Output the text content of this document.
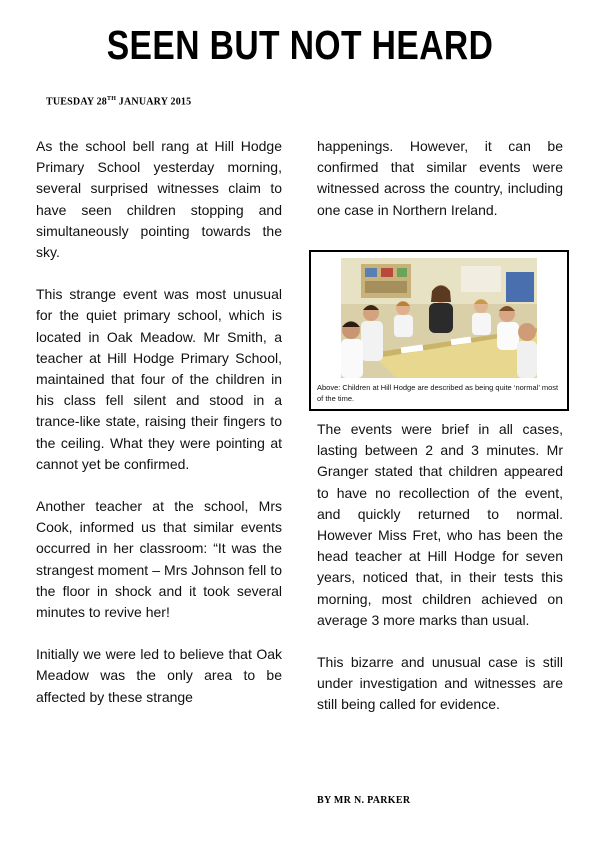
SEEN BUT NOT HEARD
TUESDAY 28TH JANUARY 2015

As the school bell rang at Hill Hodge Primary School yesterday morning, several surprised witnesses claim to have seen children stopping and simultaneously pointing towards the sky.

This strange event was most unusual for the quiet primary school, which is located in Oak Meadow. Mr Smith, a teacher at Hill Hodge Primary School, maintained that four of the children in his class fell silent and stood in a trance-like state, raising their fingers to the ceiling. What they were pointing at cannot yet be confirmed.

Another teacher at the school, Mrs Cook, informed us that similar events occurred in her classroom: “It was the strangest moment – Mrs Johnson fell to the floor in shock and it took several minutes to revive her!

Initially we were led to believe that Oak Meadow was the only area to be affected by these strange

happenings. However, it can be confirmed that similar events were witnessed across the country, including one case in Northern Ireland.

Above: Children at Hill Hodge are described as being quite ‘normal’ most of the time.

The events were brief in all cases, lasting between 2 and 3 minutes. Mr Granger stated that children appeared to have no recollection of the event, and quickly returned to normal. However Miss Fret, who has been the head teacher at Hill Hodge for seven years, noticed that, in their tests this morning, most children achieved on average 3 more marks than usual.

This bizarre and unusual case is still under investigation and witnesses are still being called for evidence.

BY MR N. PARKER
